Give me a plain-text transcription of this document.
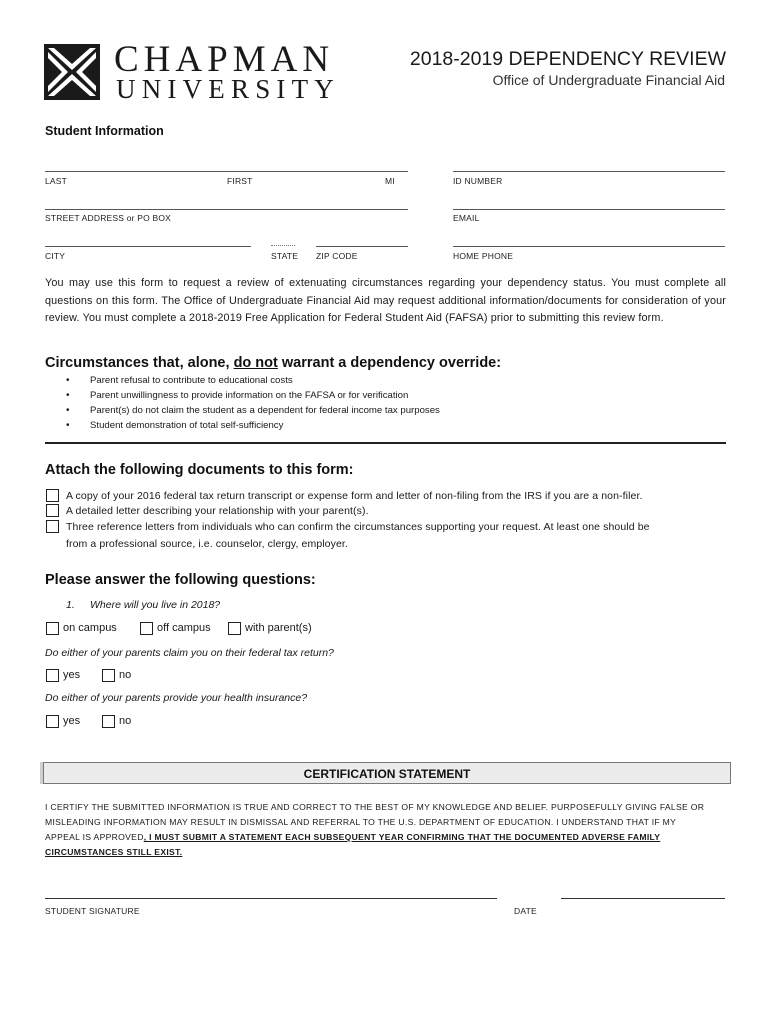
CHAPMAN
UNIVERSITY
2018-2019 DEPENDENCY REVIEW
Office of Undergraduate Financial Aid
Student Information
LAST	FIRST	MI	ID NUMBER
STREET ADDRESS or PO BOX	EMAIL
CITY	STATE ZIP CODE	HOME PHONE
You may use this form to request a review of extenuating circumstances regarding your dependency status. You must complete all questions on this form. The Office of Undergraduate Financial Aid may request additional information/documents for consideration of your review. You must complete a 2018-2019 Free Application for Federal Student Aid (FAFSA) prior to submitting this review form.
Circumstances that, alone, do not warrant a dependency override:
• Parent refusal to contribute to educational costs
• Parent unwillingness to provide information on the FAFSA or for verification
• Parent(s) do not claim the student as a dependent for federal income tax purposes
• Student demonstration of total self-sufficiency
Attach the following documents to this form:
A copy of your 2016 federal tax return transcript or expense form and letter of non-filing from the IRS if you are a non-filer.
A detailed letter describing your relationship with your parent(s).
Three reference letters from individuals who can confirm the circumstances supporting your request. At least one should be
from a professional source, i.e. counselor, clergy, employer.
Please answer the following questions:
1. Where will you live in 2018?
on campus	off campus	with parent(s)
Do either of your parents claim you on their federal tax return?
yes	no
Do either of your parents provide your health insurance?
yes	no
CERTIFICATION STATEMENT
I CERTIFY THE SUBMITTED INFORMATION IS TRUE AND CORRECT TO THE BEST OF MY KNOWLEDGE AND BELIEF. PURPOSEFULLY GIVING FALSE OR
MISLEADING INFORMATION MAY RESULT IN DISMISSAL AND REFERRAL TO THE U.S. DEPARTMENT OF EDUCATION. I UNDERSTAND THAT IF MY
APPEAL IS APPROVED, I MUST SUBMIT A STATEMENT EACH SUBSEQUENT YEAR CONFIRMING THAT THE DOCUMENTED ADVERSE FAMILY
CIRCUMSTANCES STILL EXIST.
STUDENT SIGNATURE	DATE
